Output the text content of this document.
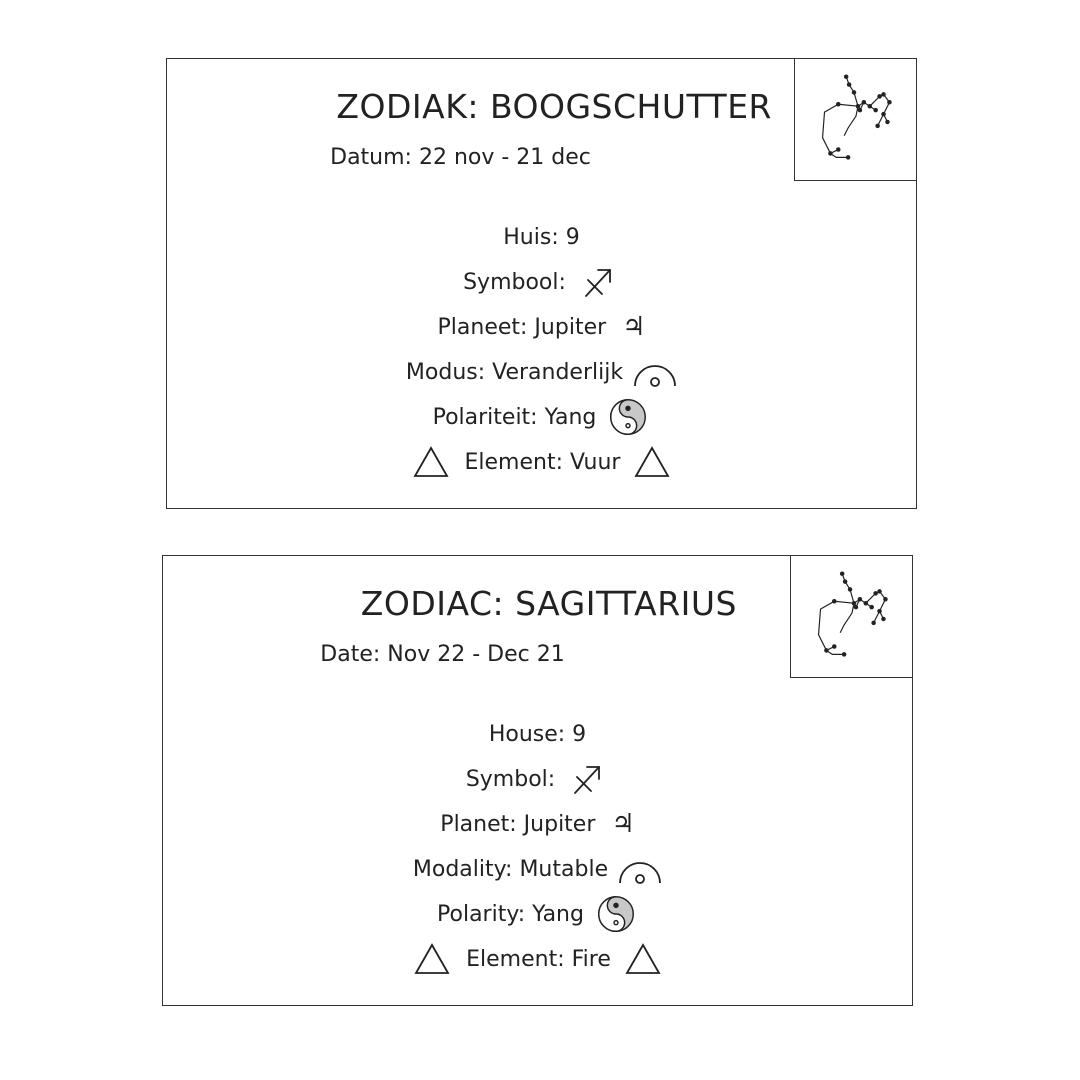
ZODIAK: BOOGSCHUTTER
Datum: 22 nov - 21 dec
Huis: 9
Symbool:
Planeet: Jupiter ♃
Modus: Veranderlijk
Polariteit: Yang
Element: Vuur
ZODIAC: SAGITTARIUS
Date: Nov 22 - Dec 21
House: 9
Symbol:
Planet: Jupiter ♃
Modality: Mutable
Polarity: Yang
Element: Fire
